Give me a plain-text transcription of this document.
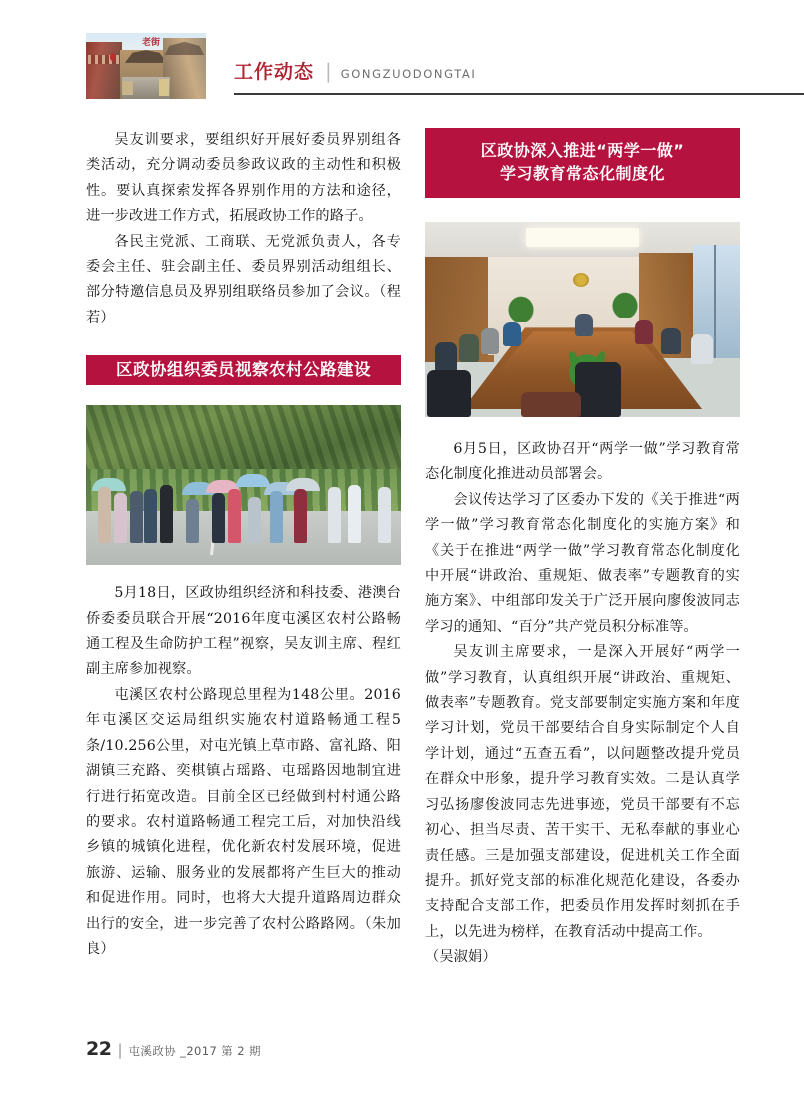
老街
工作动态 | GONGZUODONGTAI

吴友训要求，要组织好开展好委员界别组各类活动，充分调动委员参政议政的主动性和积极性。要认真探索发挥各界别作用的方法和途径，进一步改进工作方式，拓展政协工作的路子。

各民主党派、工商联、无党派负责人，各专委会主任、驻会副主任、委员界别活动组组长、部分特邀信息员及界别组联络员参加了会议。（程若）

区政协组织委员视察农村公路建设

5月18日，区政协组织经济和科技委、港澳台侨委委员联合开展“2016年度屯溪区农村公路畅通工程及生命防护工程”视察，吴友训主席、程红副主席参加视察。

屯溪区农村公路现总里程为148公里。2016年屯溪区交运局组织实施农村道路畅通工程5条/10.256公里，对屯光镇上草市路、富礼路、阳湖镇三充路、奕棋镇占瑶路、屯瑶路因地制宜进行进行拓宽改造。目前全区已经做到村村通公路的要求。农村道路畅通工程完工后，对加快沿线乡镇的城镇化进程，优化新农村发展环境，促进旅游、运输、服务业的发展都将产生巨大的推动和促进作用。同时，也将大大提升道路周边群众出行的安全，进一步完善了农村公路路网。（朱加良）

区政协深入推进“两学一做”
学习教育常态化制度化

6月5日，区政协召开“两学一做”学习教育常态化制度化推进动员部署会。

会议传达学习了区委办下发的《关于推进“两学一做”学习教育常态化制度化的实施方案》和《关于在推进“两学一做”学习教育常态化制度化中开展“讲政治、重规矩、做表率”专题教育的实施方案》、中组部印发关于广泛开展向廖俊波同志学习的通知、“百分”共产党员积分标准等。

吴友训主席要求，一是深入开展好“两学一做”学习教育，认真组织开展“讲政治、重规矩、做表率”专题教育。党支部要制定实施方案和年度学习计划，党员干部要结合自身实际制定个人自学计划，通过“五查五看”，以问题整改提升党员在群众中形象，提升学习教育实效。二是认真学习弘扬廖俊波同志先进事迹，党员干部要有不忘初心、担当尽责、苦干实干、无私奉献的事业心责任感。三是加强支部建设，促进机关工作全面提升。抓好党支部的标准化规范化建设，各委办支持配合支部工作，把委员作用发挥时刻抓在手上，以先进为榜样，在教育活动中提高工作。

（吴淑娟）

22 | 屯溪政协 _2017 第 2 期
